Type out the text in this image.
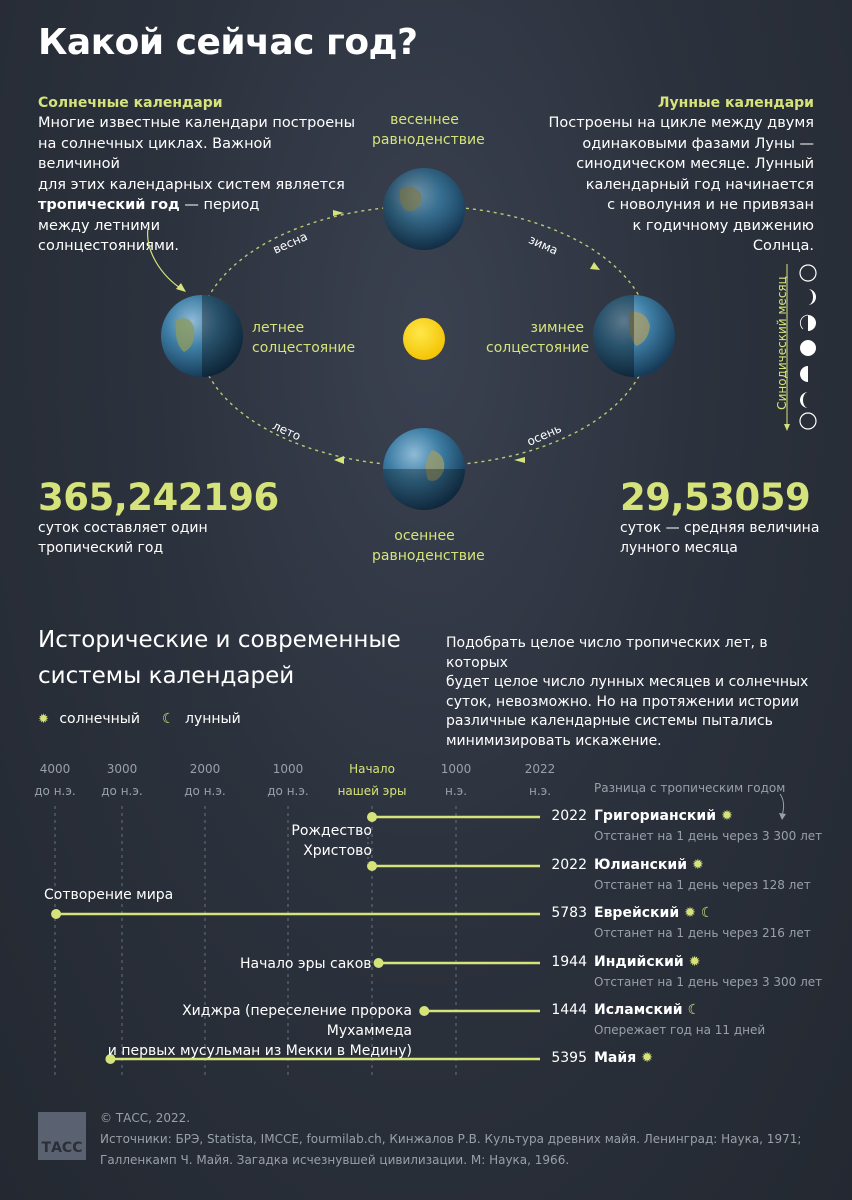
Какой сейчас год?
Солнечные календари
Многие известные календари построены
на солнечных циклах. Важной величиной
для этих календарных систем является
тропический год — период
между летними
солнцестояниями.
Лунные календари
Построены на цикле между двумя
одинаковыми фазами Луны —
синодическом месяце. Лунный
календарный год начинается
с новолуния и не привязан
к годичному движению
Солнца.
Синодический месяц
весеннее
равноденствие
летнее
солцестояние
зимнее
солцестояние
осеннее
равноденствие
весна	зима
лето	осень
365,242196
суток составляет один
тропический год
29,53059
суток — средняя величина
лунного месяца
Исторические и современные
системы календарей
Подобрать целое число тропических лет, в которых
будет целое число лунных месяцев и солнечных
суток, невозможно. Но на протяжении истории
различные календарные системы пытались
минимизировать искажение.
✹ солнечный ☾ лунный
4000
до н.э.
3000
до н.э.
2000
до н.э.
1000
до н.э.
Начало
нашей эры
1000
н.э.
2022
н.э.	Разница с тропическим годом
Рождество
Христово
Сотворение мира
Начало эры саков
Хиджра (переселение пророка Мухаммеда
и первых мусульман из Мекки в Медину)
2022 Григорианский ✹
Отстанет на 1 день через 3 300 лет
2022 Юлианский ✹
Отстанет на 1 день через 128 лет
5783 Еврейский ✹ ☾
Отстанет на 1 день через 216 лет
1944 Индийский ✹
Отстанет на 1 день через 3 300 лет
1444 Исламский ☾
Опережает год на 11 дней
5395 Майя ✹
ТАСС
© ТАСС, 2022.
Источники: БРЭ, Statista, IMCCE, fourmilab.ch, Кинжалов Р.В. Культура древних майя. Ленинград: Наука, 1971;
Галленкамп Ч. Майя. Загадка исчезнувшей цивилизации. М: Наука, 1966.
